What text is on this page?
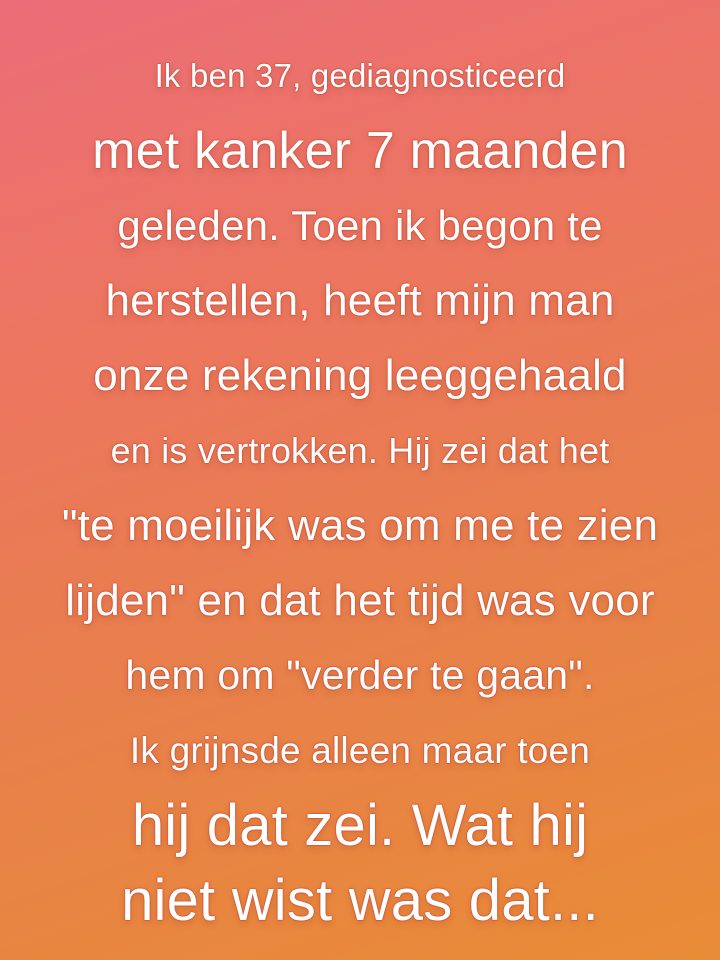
Ik ben 37, gediagnosticeerd
met kanker 7 maanden
geleden. Toen ik begon te
herstellen, heeft mijn man
onze rekening leeggehaald
en is vertrokken. Hij zei dat het
"te moeilijk was om me te zien
lijden" en dat het tijd was voor
hem om "verder te gaan".
Ik grijnsde alleen maar toen
hij dat zei. Wat hij
niet wist was dat...
